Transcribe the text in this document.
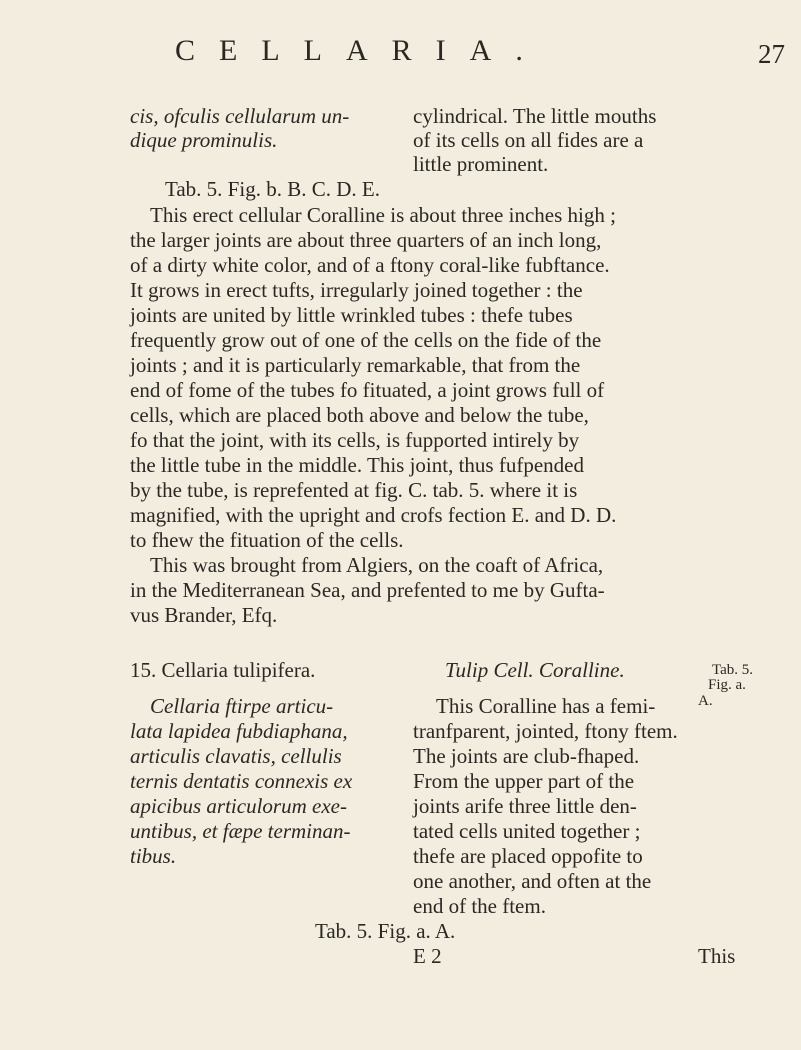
CELLARIA.	27
cis, ofculis cellularum un-
dique prominulis.
cylindrical. The little mouths
of its cells on all fides are a
little prominent.
Tab. 5. Fig. b. B. C. D. E.
This erect cellular Coralline is about three inches high ;
the larger joints are about three quarters of an inch long,
of a dirty white color, and of a ftony coral-like fubftance.
It grows in erect tufts, irregularly joined together : the
joints are united by little wrinkled tubes : thefe tubes
frequently grow out of one of the cells on the fide of the
joints ; and it is particularly remarkable, that from the
end of fome of the tubes fo fituated, a joint grows full of
cells, which are placed both above and below the tube,
fo that the joint, with its cells, is fupported intirely by
the little tube in the middle. This joint, thus fufpended
by the tube, is reprefented at fig. C. tab. 5. where it is
magnified, with the upright and crofs fection E. and D. D.
to fhew the fituation of the cells.
This was brought from Algiers, on the coaft of Africa,
in the Mediterranean Sea, and prefented to me by Gufta-
vus Brander, Efq.
15. Cellaria tulipifera.	Tulip Cell. Coralline.	Tab. 5.
Fig. a.
A.
Cellaria ftirpe articu-
lata lapidea fubdiaphana,
articulis clavatis, cellulis
ternis dentatis connexis ex
apicibus articulorum exe-
untibus, et fæpe terminan-
tibus.
This Coralline has a femi-
tranfparent, jointed, ftony ftem.
The joints are club-fhaped.
From the upper part of the
joints arife three little den-
tated cells united together ;
thefe are placed oppofite to
one another, and often at the
end of the ftem.
Tab. 5. Fig. a. A.
E 2	This
